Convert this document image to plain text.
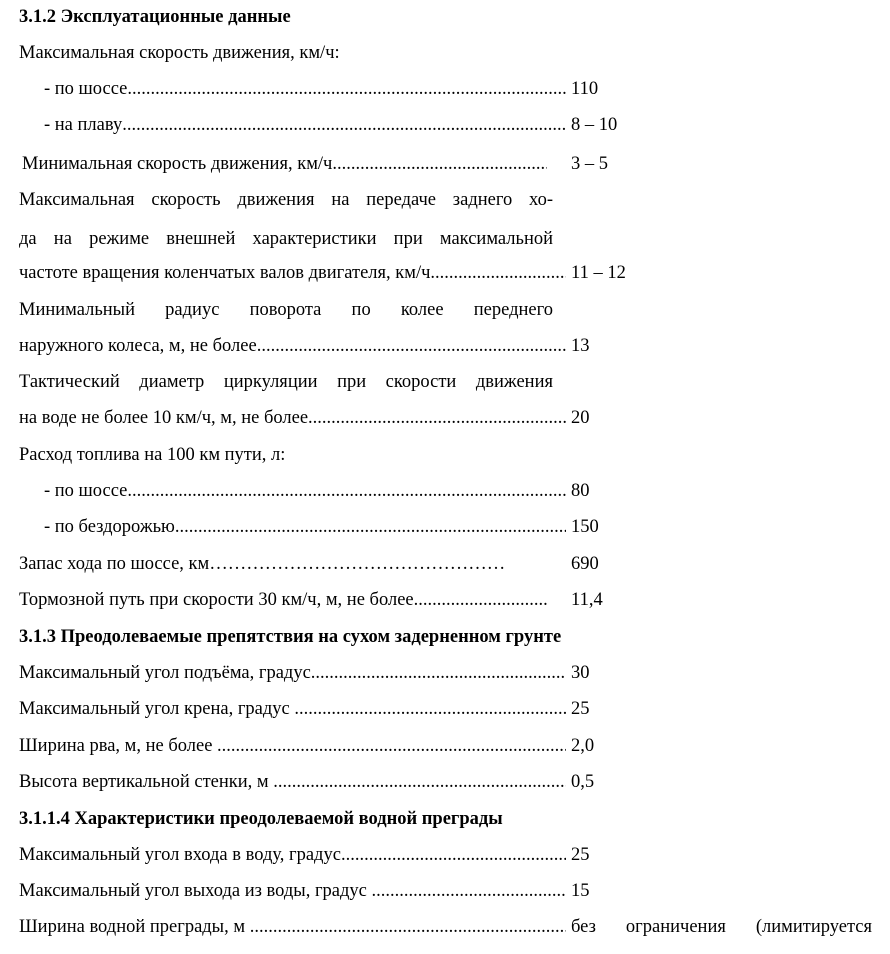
3.1.2 Эксплуатационные данные
Максимальная скорость движения, км/ч:
- по шоссе .....	110
- на плаву .....	8 – 10
Минимальная скорость движения, км/ч .....	3 – 5
Максимальная скорость движения на передаче заднего хо-
да на режиме внешней характеристики при максимальной
частоте вращения коленчатых валов двигателя, км/ч .....	11 – 12
Минимальный радиус поворота по колее переднего
наружного колеса, м, не более .....	13
Тактический диаметр циркуляции при скорости движения
на воде не более 10 км/ч, м, не более .....	20
Расход топлива на 100 км пути, л:
- по шоссе .....	80
- по бездорожью .....	150
Запас хода по шоссе, км…………………………………………	690
Тормозной путь при скорости 30 км/ч, м, не более .....	11,4
3.1.3 Преодолеваемые препятствия на сухом задерненном грунте
Максимальный угол подъёма, градус .....	30
Максимальный угол крена, градус .....	25
Ширина рва, м, не более .....	2,0
Высота вертикальной стенки, м .....	0,5
3.1.1.4 Характеристики преодолеваемой водной преграды
Максимальный угол входа в воду, градус .....	25
Максимальный угол выхода из воды, градус .....	15
Ширина водной преграды, м .....	без ограничения (лимитируется
